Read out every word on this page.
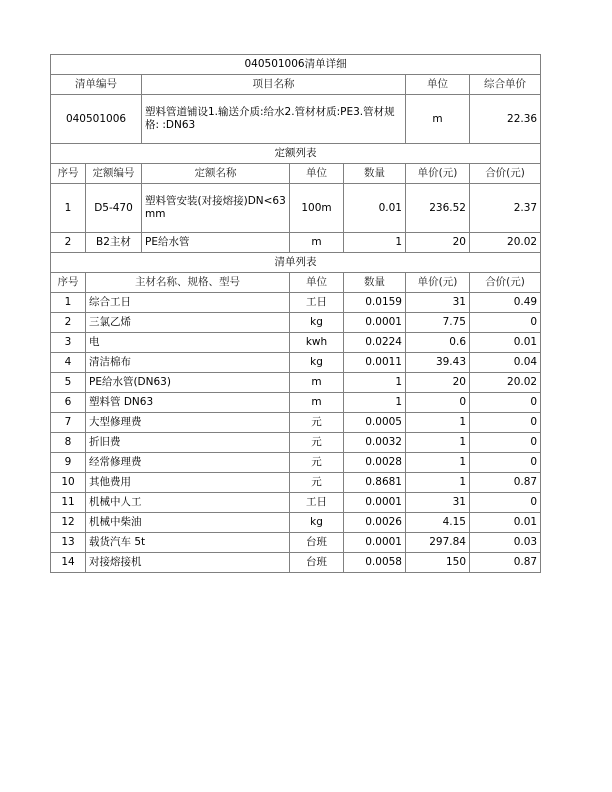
040501006清单详细						
清单编号		项目名称			单位	综合单价
040501006		塑料管道铺设1.输送介质:给水2.管材材质:PE3.管材规格: :DN63			m	22.36
定额列表						
序号	定额编号	定额名称	单位	数量	单价(元)	合价(元)
1	D5-470	塑料管安装(对接熔接)DN<63mm	100m	0.01	236.52	2.37
2	B2主材	PE给水管	m	1	20	20.02
清单列表						
序号	主材名称、规格、型号		单位	数量	单价(元)	合价(元)
1	综合工日		工日	0.0159	31	0.49
2	三氯乙烯		kg	0.0001	7.75	0
3	电		kwh	0.0224	0.6	0.01
4	清洁棉布		kg	0.0011	39.43	0.04
5	PE给水管(DN63)		m	1	20	20.02
6	塑料管 DN63		m	1	0	0
7	大型修理费		元	0.0005	1	0
8	折旧费		元	0.0032	1	0
9	经常修理费		元	0.0028	1	0
10	其他费用		元	0.8681	1	0.87
11	机械中人工		工日	0.0001	31	0
12	机械中柴油		kg	0.0026	4.15	0.01
13	载货汽车 5t		台班	0.0001	297.84	0.03
14	对接熔接机		台班	0.0058	150	0.87
